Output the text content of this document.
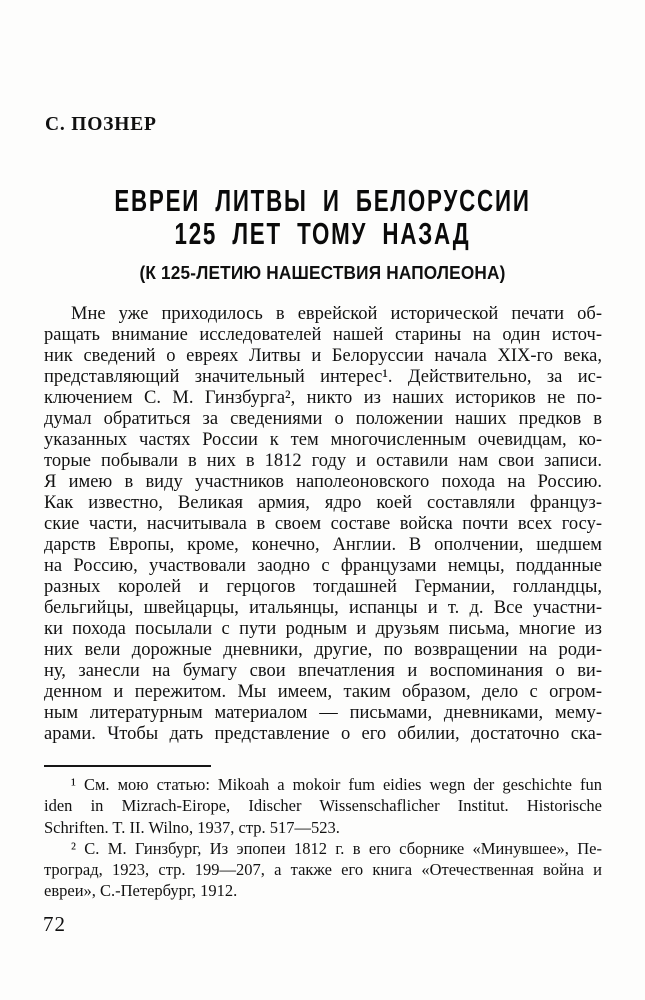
С. ПОЗНЕР
ЕВРЕИ ЛИТВЫ И БЕЛОРУССИИ
125 ЛЕТ ТОМУ НАЗАД
(К 125-ЛЕТИЮ НАШЕСТВИЯ НАПОЛЕОНА)
Мне уже приходилось в еврейской исторической печати об-
ращать внимание исследователей нашей старины на один источ-
ник сведений о евреях Литвы и Белоруссии начала XIX-го века,
представляющий значительный интерес¹. Действительно, за ис-
ключением С. М. Гинзбурга², никто из наших историков не по-
думал обратиться за сведениями о положении наших предков в
указанных частях России к тем многочисленным очевидцам, ко-
торые побывали в них в 1812 году и оставили нам свои записи.
Я имею в виду участников наполеоновского похода на Россию.
Как известно, Великая армия, ядро коей составляли француз-
ские части, насчитывала в своем составе войска почти всех госу-
дарств Европы, кроме, конечно, Англии. В ополчении, шедшем
на Россию, участвовали заодно с французами немцы, подданные
разных королей и герцогов тогдашней Германии, голландцы,
бельгийцы, швейцарцы, итальянцы, испанцы и т. д. Все участни-
ки похода посылали с пути родным и друзьям письма, многие из
них вели дорожные дневники, другие, по возвращении на роди-
ну, занесли на бумагу свои впечатления и воспоминания о ви-
денном и пережитом. Мы имеем, таким образом, дело с огром-
ным литературным материалом — письмами, дневниками, мему-
арами. Чтобы дать представление о его обилии, достаточно ска-
¹ См. мою статью: Mikoah a mokoir fum eidies wegn der geschichte fun
iden in Mizrach-Eirope, Idischer Wissenschaflicher Institut. Historische
Schriften. T. II. Wilno, 1937, стр. 517—523.
² С. М. Гинзбург, Из эпопеи 1812 г. в его сборнике «Минувшее», Пе-
троград, 1923, стр. 199—207, а также его книга «Отечественная война и
евреи», С.-Петербург, 1912.
72
